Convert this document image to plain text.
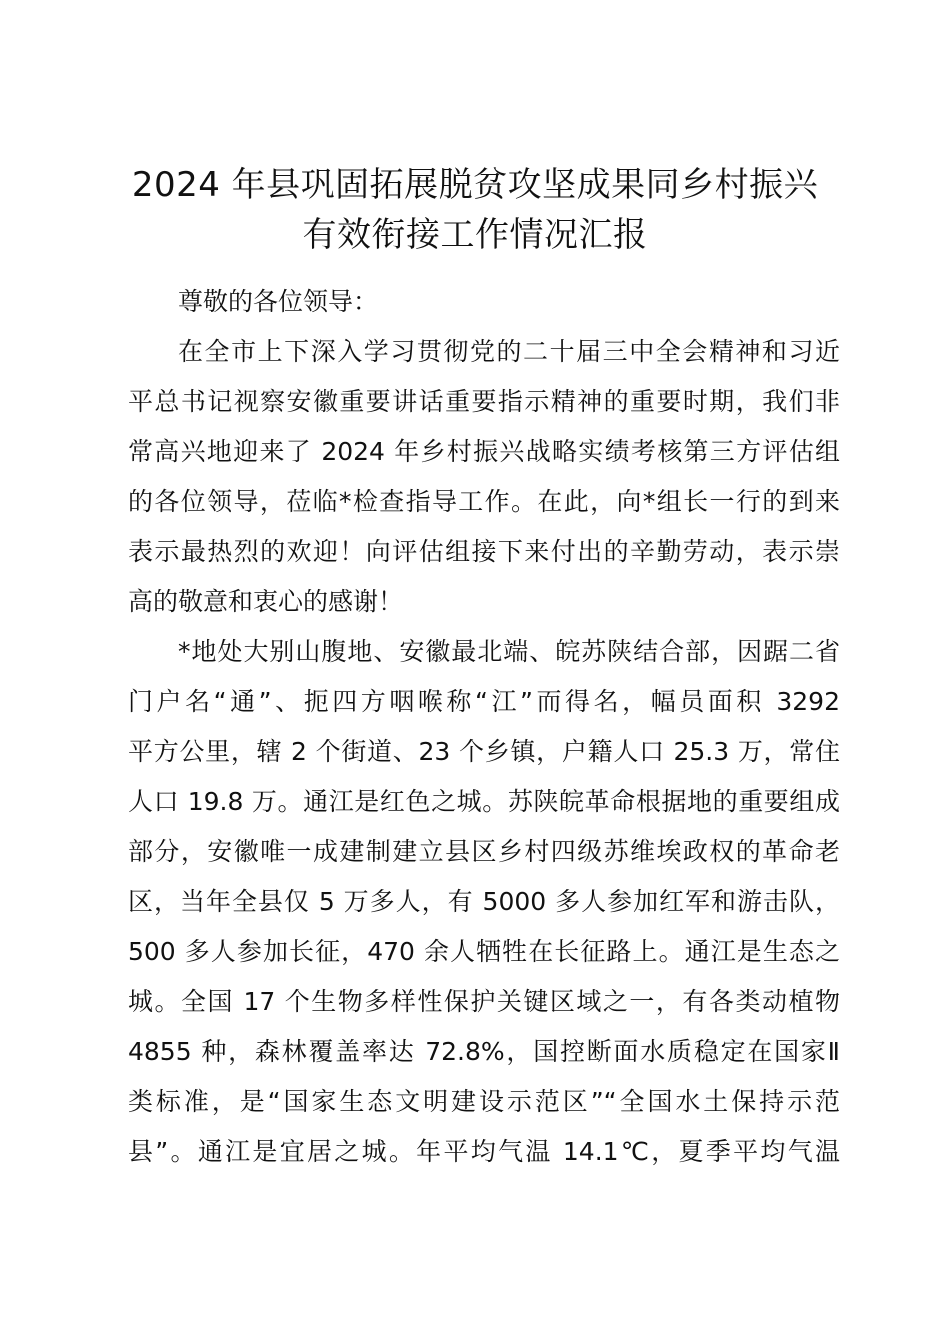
2024 年县巩固拓展脱贫攻坚成果同乡村振兴
有效衔接工作情况汇报
尊敬的各位领导：
在全市上下深入学习贯彻党的二十届三中全会精神和习近
平总书记视察安徽重要讲话重要指示精神的重要时期，我们非
常高兴地迎来了 2024 年乡村振兴战略实绩考核第三方评估组
的各位领导，莅临*检查指导工作。在此，向*组长一行的到来
表示最热烈的欢迎！向评估组接下来付出的辛勤劳动，表示崇
高的敬意和衷心的感谢！
*地处大别山腹地、安徽最北端、皖苏陕结合部，因踞二省
门户名“通”、扼四方咽喉称“江”而得名，幅员面积 3292
平方公里，辖 2 个街道、23 个乡镇，户籍人口 25.3 万，常住
人口 19.8 万。通江是红色之城。苏陕皖革命根据地的重要组成
部分，安徽唯一成建制建立县区乡村四级苏维埃政权的革命老
区，当年全县仅 5 万多人，有 5000 多人参加红军和游击队，
500 多人参加长征，470 余人牺牲在长征路上。通江是生态之
城。全国 17 个生物多样性保护关键区域之一，有各类动植物
4855 种，森林覆盖率达 72.8%，国控断面水质稳定在国家Ⅱ
类标准，是“国家生态文明建设示范区”“全国水土保持示范
县”。通江是宜居之城。年平均气温 14.1℃，夏季平均气温
